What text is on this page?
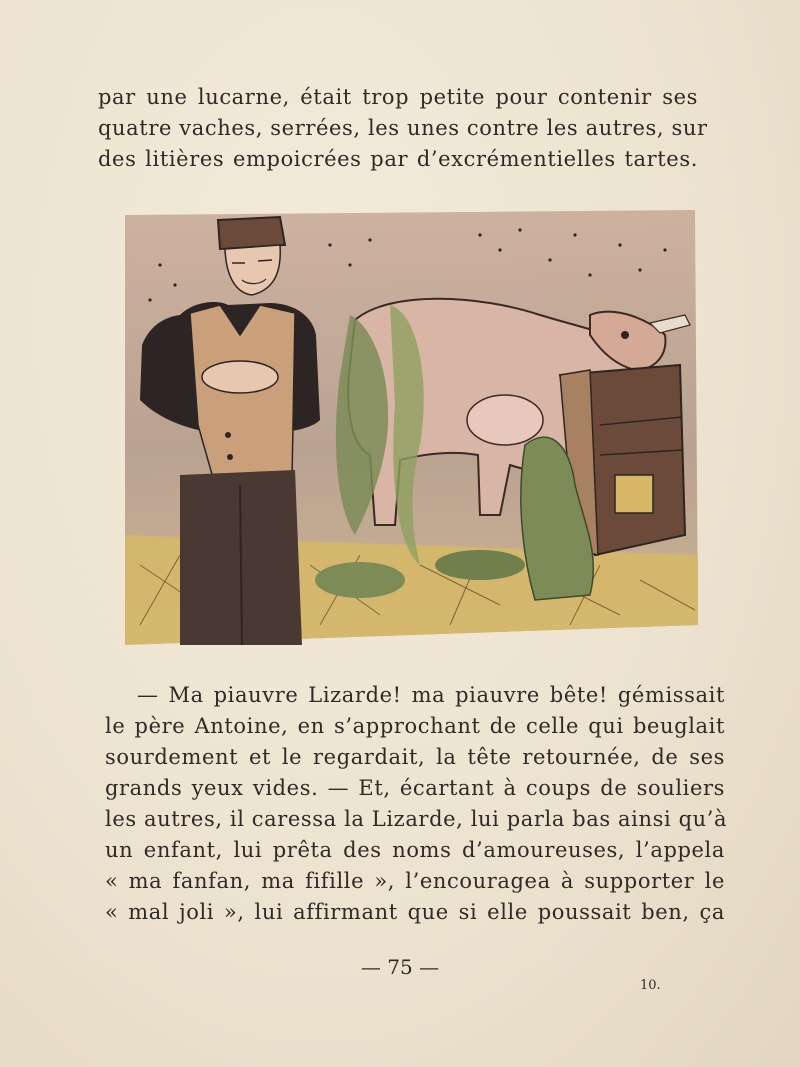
par une lucarne, était trop petite pour contenir ses
quatre vaches, serrées, les unes contre les autres, sur
des litières empoicrées par d’excrémentielles tartes.
— Ma piauvre Lizarde! ma piauvre bête! gémissait
le père Antoine, en s’approchant de celle qui beuglait
sourdement et le regardait, la tête retournée, de ses
grands yeux vides. — Et, écartant à coups de souliers
les autres, il caressa la Lizarde, lui parla bas ainsi qu’à
un enfant, lui prêta des noms d’amoureuses, l’appela
« ma fanfan, ma fifille », l’encouragea à supporter le
« mal joli », lui affirmant que si elle poussait ben, ça
— 75 —
10.
